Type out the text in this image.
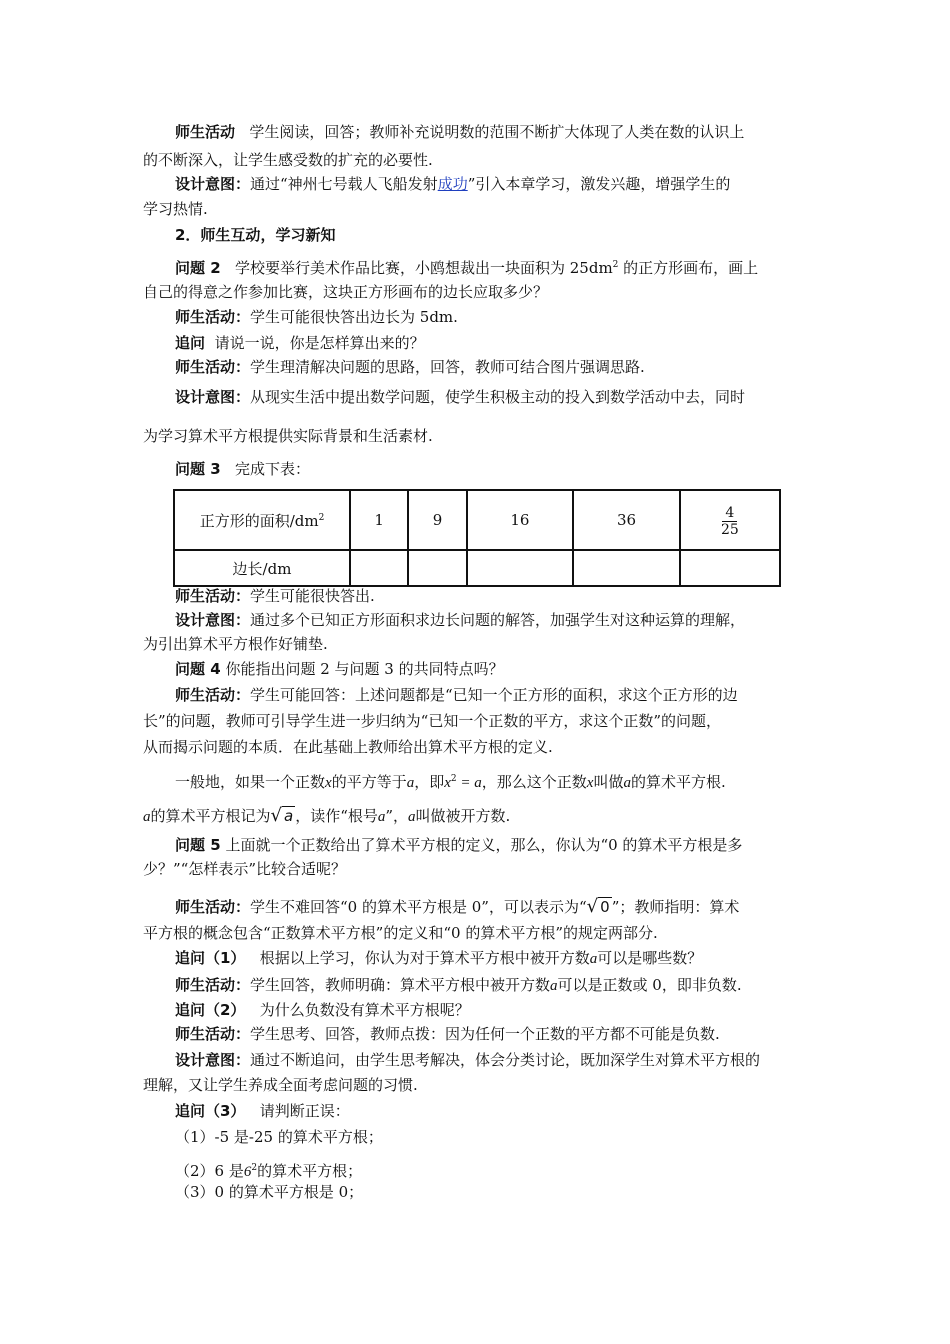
师生活动 学生阅读，回答；教师补充说明数的范围不断扩大体现了人类在数的认识上
的不断深入，让学生感受数的扩充的必要性.
设计意图：通过“神州七号载人飞船发射成功”引入本章学习，激发兴趣，增强学生的
学习热情.
2．师生互动，学习新知
问题 2 学校要举行美术作品比赛，小鸥想裁出一块面积为 $25dm^2$ 的正方形画布，画上
自己的得意之作参加比赛，这块正方形画布的边长应取多少？
师生活动：学生可能很快答出边长为 5dm.
追问 请说一说，你是怎样算出来的？
师生活动：学生理清解决问题的思路，回答，教师可结合图片强调思路.
设计意图：从现实生活中提出数学问题，使学生积极主动的投入到数学活动中去，同时
为学习算术平方根提供实际背景和生活素材.
问题 3 完成下表：
正方形的面积$/dm^2$	1	9	16	36	$\frac{4}{25}$

边长/dm					
师生活动：学生可能很快答出.
设计意图：通过多个已知正方形面积求边长问题的解答，加强学生对这种运算的理解，
为引出算术平方根作好铺垫.
问题 4 你能指出问题 2 与问题 3 的共同特点吗？
师生活动：学生可能回答：上述问题都是“已知一个正方形的面积，求这个正方形的边
长”的问题，教师可引导学生进一步归纳为“已知一个正数的平方，求这个正数”的问题，
从而揭示问题的本质．在此基础上教师给出算术平方根的定义.
一般地，如果一个正数x的平方等于a，即$x^2 = a$，那么这个正数x叫做a的算术平方根.
a的算术平方根记为√ a ，读作“根号a”，a叫做被开方数.
问题 5 上面就一个正数给出了算术平方根的定义，那么，你认为“0 的算术平方根是多
少？”“怎样表示”比较合适呢？
师生活动：学生不难回答“0 的算术平方根是 0”，可以表示为“√ 0 ”；教师指明：算术
平方根的概念包含“正数算术平方根”的定义和“0 的算术平方根”的规定两部分.
追问（1） 根据以上学习，你认为对于算术平方根中被开方数a可以是哪些数？
师生活动：学生回答，教师明确：算术平方根中被开方数a可以是正数或 0，即非负数.
追问（2） 为什么负数没有算术平方根呢？
师生活动：学生思考、回答，教师点拨：因为任何一个正数的平方都不可能是负数.
设计意图：通过不断追问，由学生思考解决，体会分类讨论，既加深学生对算术平方根的
理解，又让学生养成全面考虑问题的习惯.
追问（3） 请判断正误：
（1）-5 是-25 的算术平方根；
（2）6 是$6^2$的算术平方根；
（3）0 的算术平方根是 0；
